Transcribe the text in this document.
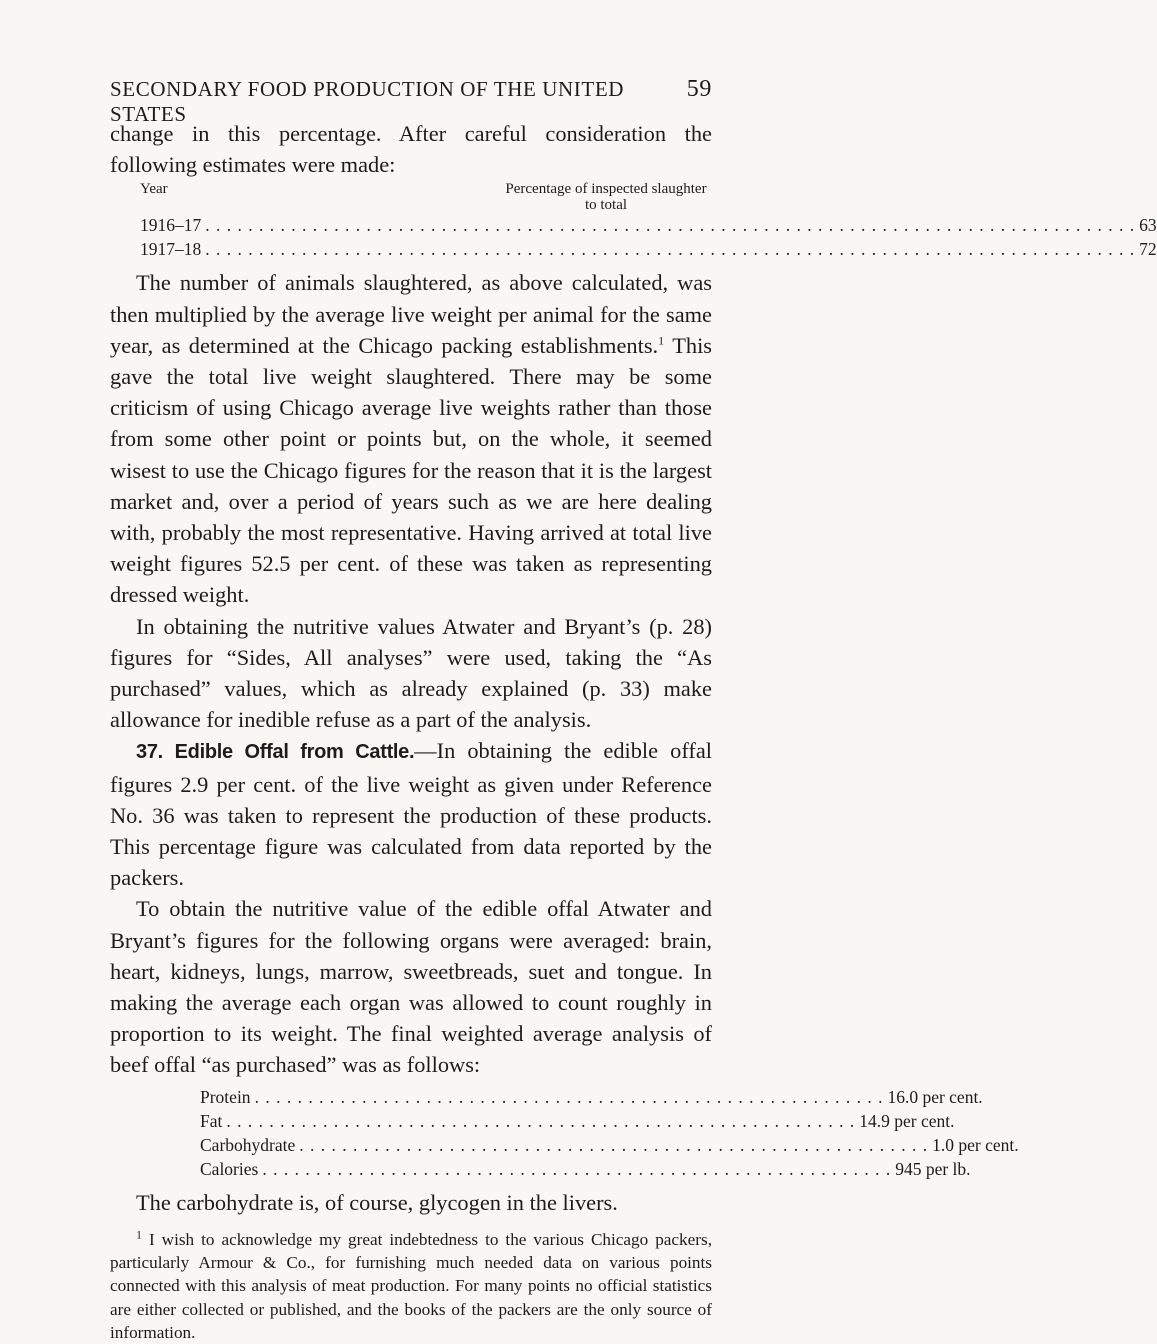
SECONDARY FOOD PRODUCTION OF THE UNITED STATES
59

change in this percentage. After careful consideration the following estimates were made:

Year	Percentage of inspected slaughter to total
1916–17 . . . . . . . . . . . . . . . . . . . . . . . . . . . . . . . . . . . . . . . . . . . . . . . . . . . . . . . . . . . . . . . . . . . . . . . . . . . . . . . . . . . . . . . 63
1917–18 . . . . . . . . . . . . . . . . . . . . . . . . . . . . . . . . . . . . . . . . . . . . . . . . . . . . . . . . . . . . . . . . . . . . . . . . . . . . . . . . . . . . . . . 72

The number of animals slaughtered, as above calculated, was then multiplied by the average live weight per animal for the same year, as determined at the Chicago packing establishments.$^1$ This gave the total live weight slaughtered. There may be some criticism of using Chicago average live weights rather than those from some other point or points but, on the whole, it seemed wisest to use the Chicago figures for the reason that it is the largest market and, over a period of years such as we are here dealing with, probably the most representative. Having arrived at total live weight figures 52.5 per cent. of these was taken as representing dressed weight.

In obtaining the nutritive values Atwater and Bryant’s (p. 28) figures for “Sides, All analyses” were used, taking the “As purchased” values, which as already explained (p. 33) make allowance for inedible refuse as a part of the analysis.

37. Edible Offal from Cattle.—In obtaining the edible offal figures 2.9 per cent. of the live weight as given under Reference No. 36 was taken to represent the production of these products. This percentage figure was calculated from data reported by the packers.

To obtain the nutritive value of the edible offal Atwater and Bryant’s figures for the following organs were averaged: brain, heart, kidneys, lungs, marrow, sweetbreads, suet and tongue. In making the average each organ was allowed to count roughly in proportion to its weight. The final weighted average analysis of beef offal “as purchased” was as follows:

Protein . . . . . . . . . . . . . . . . . . . . . . . . . . . . . . . . . . . . . . . . . . . . . . . . . . . . . . . . . . . 16.0 per cent.
Fat . . . . . . . . . . . . . . . . . . . . . . . . . . . . . . . . . . . . . . . . . . . . . . . . . . . . . . . . . . . 14.9 per cent.
Carbohydrate . . . . . . . . . . . . . . . . . . . . . . . . . . . . . . . . . . . . . . . . . . . . . . . . . . . . . . . . . . . 1.0 per cent.
Calories . . . . . . . . . . . . . . . . . . . . . . . . . . . . . . . . . . . . . . . . . . . . . . . . . . . . . . . . . . . 945 per lb.

The carbohydrate is, of course, glycogen in the livers.

$^1$ I wish to acknowledge my great indebtedness to the various Chicago packers, particularly Armour & Co., for furnishing much needed data on various points connected with this analysis of meat production. For many points no official statistics are either collected or published, and the books of the packers are the only source of information.
